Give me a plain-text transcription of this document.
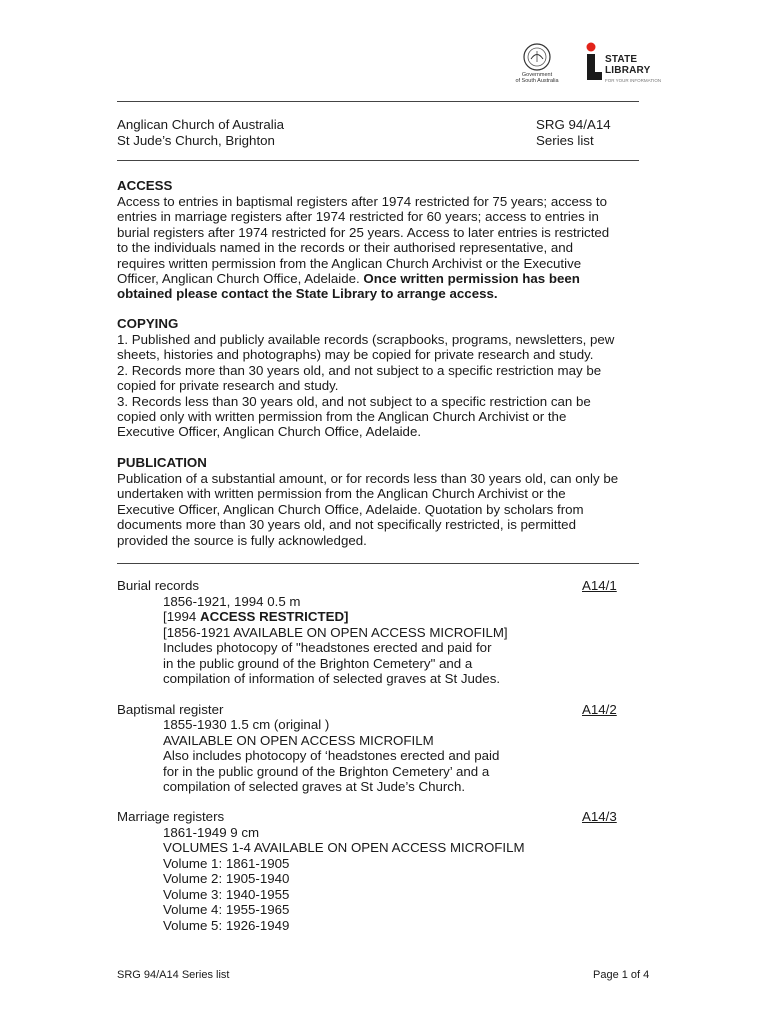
Government
of South Australia
STATE
LIBRARY
FOR YOUR INFORMATION
Anglican Church of Australia
St Jude’s Church, Brighton
SRG 94/A14
Series list
ACCESS

Access to entries in baptismal registers after 1974 restricted for 75 years; access to

entries in marriage registers after 1974 restricted for 60 years; access to entries in

burial registers after 1974 restricted for 25 years. Access to later entries is restricted

to the individuals named in the records or their authorised representative, and

requires written permission from the Anglican Church Archivist or the Executive

Officer, Anglican Church Office, Adelaide. Once written permission has been

obtained please contact the State Library to arrange access.

COPYING

1. Published and publicly available records (scrapbooks, programs, newsletters, pew

sheets, histories and photographs) may be copied for private research and study.

2. Records more than 30 years old, and not subject to a specific restriction may be

copied for private research and study.

3. Records less than 30 years old, and not subject to a specific restriction can be

copied only with written permission from the Anglican Church Archivist or the

Executive Officer, Anglican Church Office, Adelaide.

PUBLICATION

Publication of a substantial amount, or for records less than 30 years old, can only be

undertaken with written permission from the Anglican Church Archivist or the

Executive Officer, Anglican Church Office, Adelaide. Quotation by scholars from

documents more than 30 years old, and not specifically restricted, is permitted

provided the source is fully acknowledged.

Burial records	A14/1
1856-1921, 1994 0.5 m
[1994 ACCESS RESTRICTED]
[1856-1921 AVAILABLE ON OPEN ACCESS MICROFILM]
Includes photocopy of "headstones erected and paid for
in the public ground of the Brighton Cemetery" and a
compilation of information of selected graves at St Judes.
Baptismal register	A14/2
1855-1930 1.5 cm (original )
AVAILABLE ON OPEN ACCESS MICROFILM
Also includes photocopy of ‘headstones erected and paid
for in the public ground of the Brighton Cemetery’ and a
compilation of selected graves at St Jude’s Church.
Marriage registers	A14/3
1861-1949 9 cm
VOLUMES 1-4 AVAILABLE ON OPEN ACCESS MICROFILM
Volume 1: 1861-1905
Volume 2: 1905-1940
Volume 3: 1940-1955
Volume 4: 1955-1965
Volume 5: 1926-1949
SRG 94/A14 Series list	Page 1 of 4
